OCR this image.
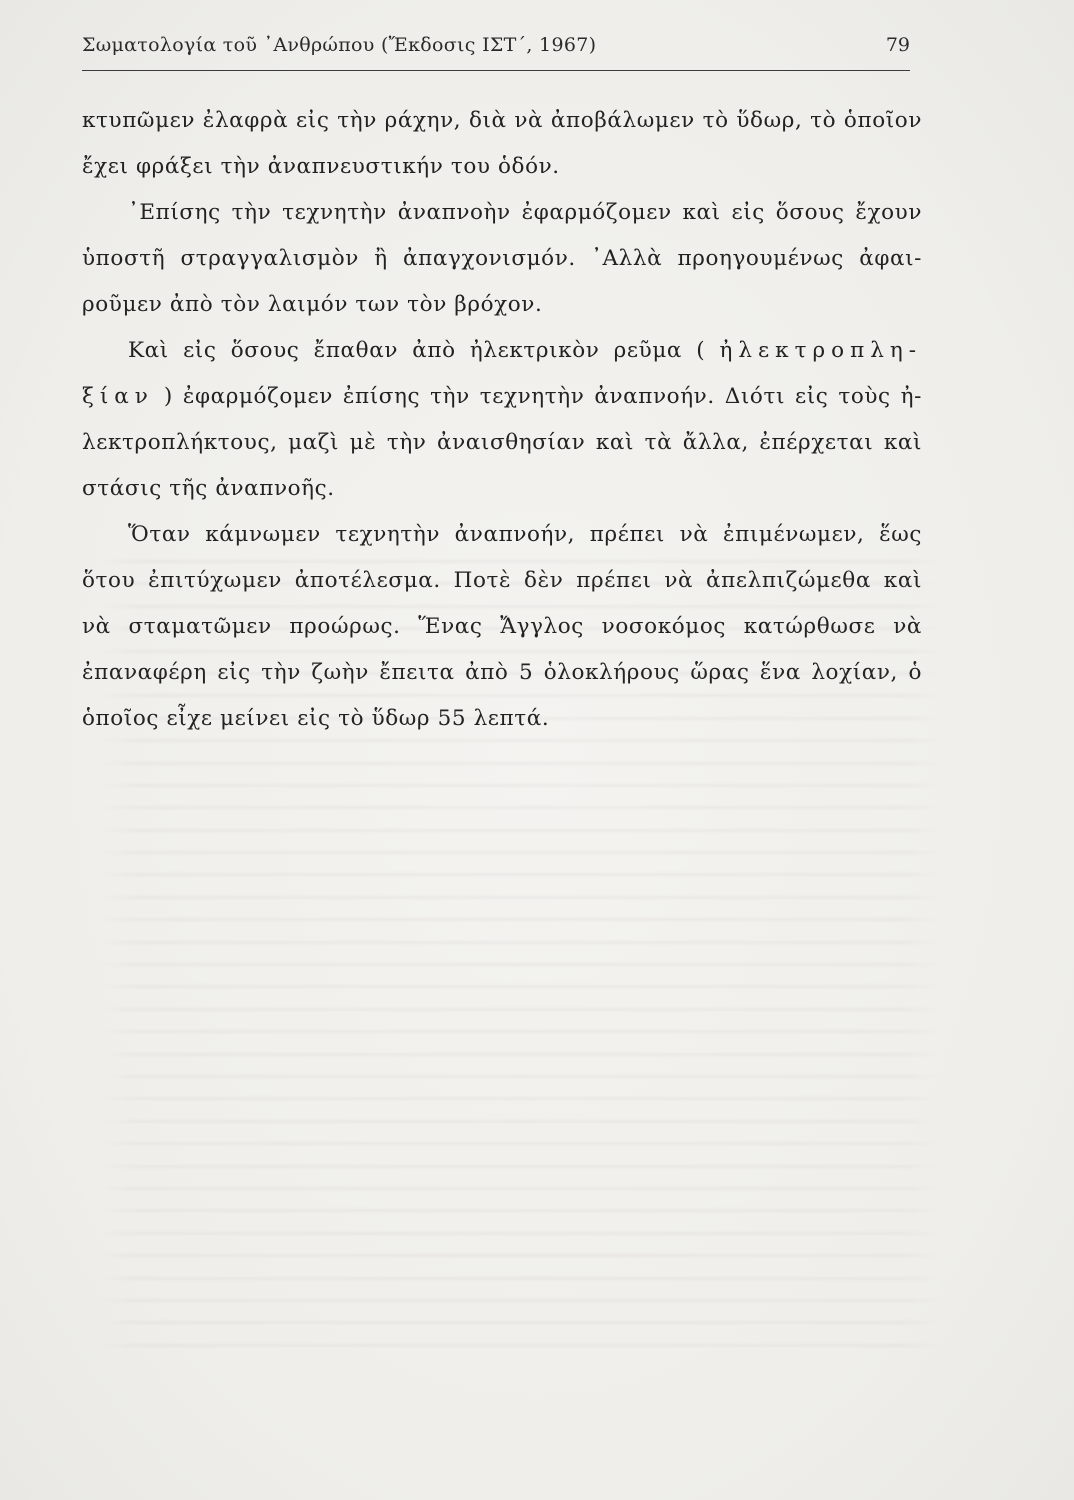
Σωματολογία τοῦ ᾿Ανθρώπου (Ἔκδοσις ΙΣΤ΄, 1967)	79
κτυπῶμεν ἐλαφρὰ εἰς τὴν ράχην, διὰ νὰ ἀποβάλωμεν τὸ ὕδωρ, τὸ ὁποῖον
ἔχει φράξει τὴν ἀναπνευστικήν του ὁδόν.
᾿Επίσης τὴν τεχνητὴν ἀναπνοὴν ἐφαρμόζομεν καὶ εἰς ὅσους ἔχουν
ὑποστῆ στραγγαλισμὸν ἢ ἀπαγχονισμόν. ᾿Αλλὰ προηγουμένως ἀφαι-
ροῦμεν ἀπὸ τὸν λαιμόν των τὸν βρόχον.
Καὶ εἰς ὅσους ἔπαθαν ἀπὸ ἠλεκτρικὸν ρεῦμα ( ἠλεκτροπλη-
ξίαν ) ἐφαρμόζομεν ἐπίσης τὴν τεχνητὴν ἀναπνοήν. Διότι εἰς τοὺς ἠ-
λεκτροπλήκτους, μαζὶ μὲ τὴν ἀναισθησίαν καὶ τὰ ἄλλα, ἐπέρχεται καὶ
στάσις τῆς ἀναπνοῆς.
Ὅταν κάμνωμεν τεχνητὴν ἀναπνοήν, πρέπει νὰ ἐπιμένωμεν, ἕως
ὅτου ἐπιτύχωμεν ἀποτέλεσμα. Ποτὲ δὲν πρέπει νὰ ἀπελπιζώμεθα καὶ
νὰ σταματῶμεν προώρως. Ἕνας Ἄγγλος νοσοκόμος κατώρθωσε νὰ
ἐπαναφέρη εἰς τὴν ζωὴν ἔπειτα ἀπὸ 5 ὁλοκλήρους ὥρας ἕνα λοχίαν, ὁ
ὁποῖος εἶχε μείνει εἰς τὸ ὕδωρ 55 λεπτά.
